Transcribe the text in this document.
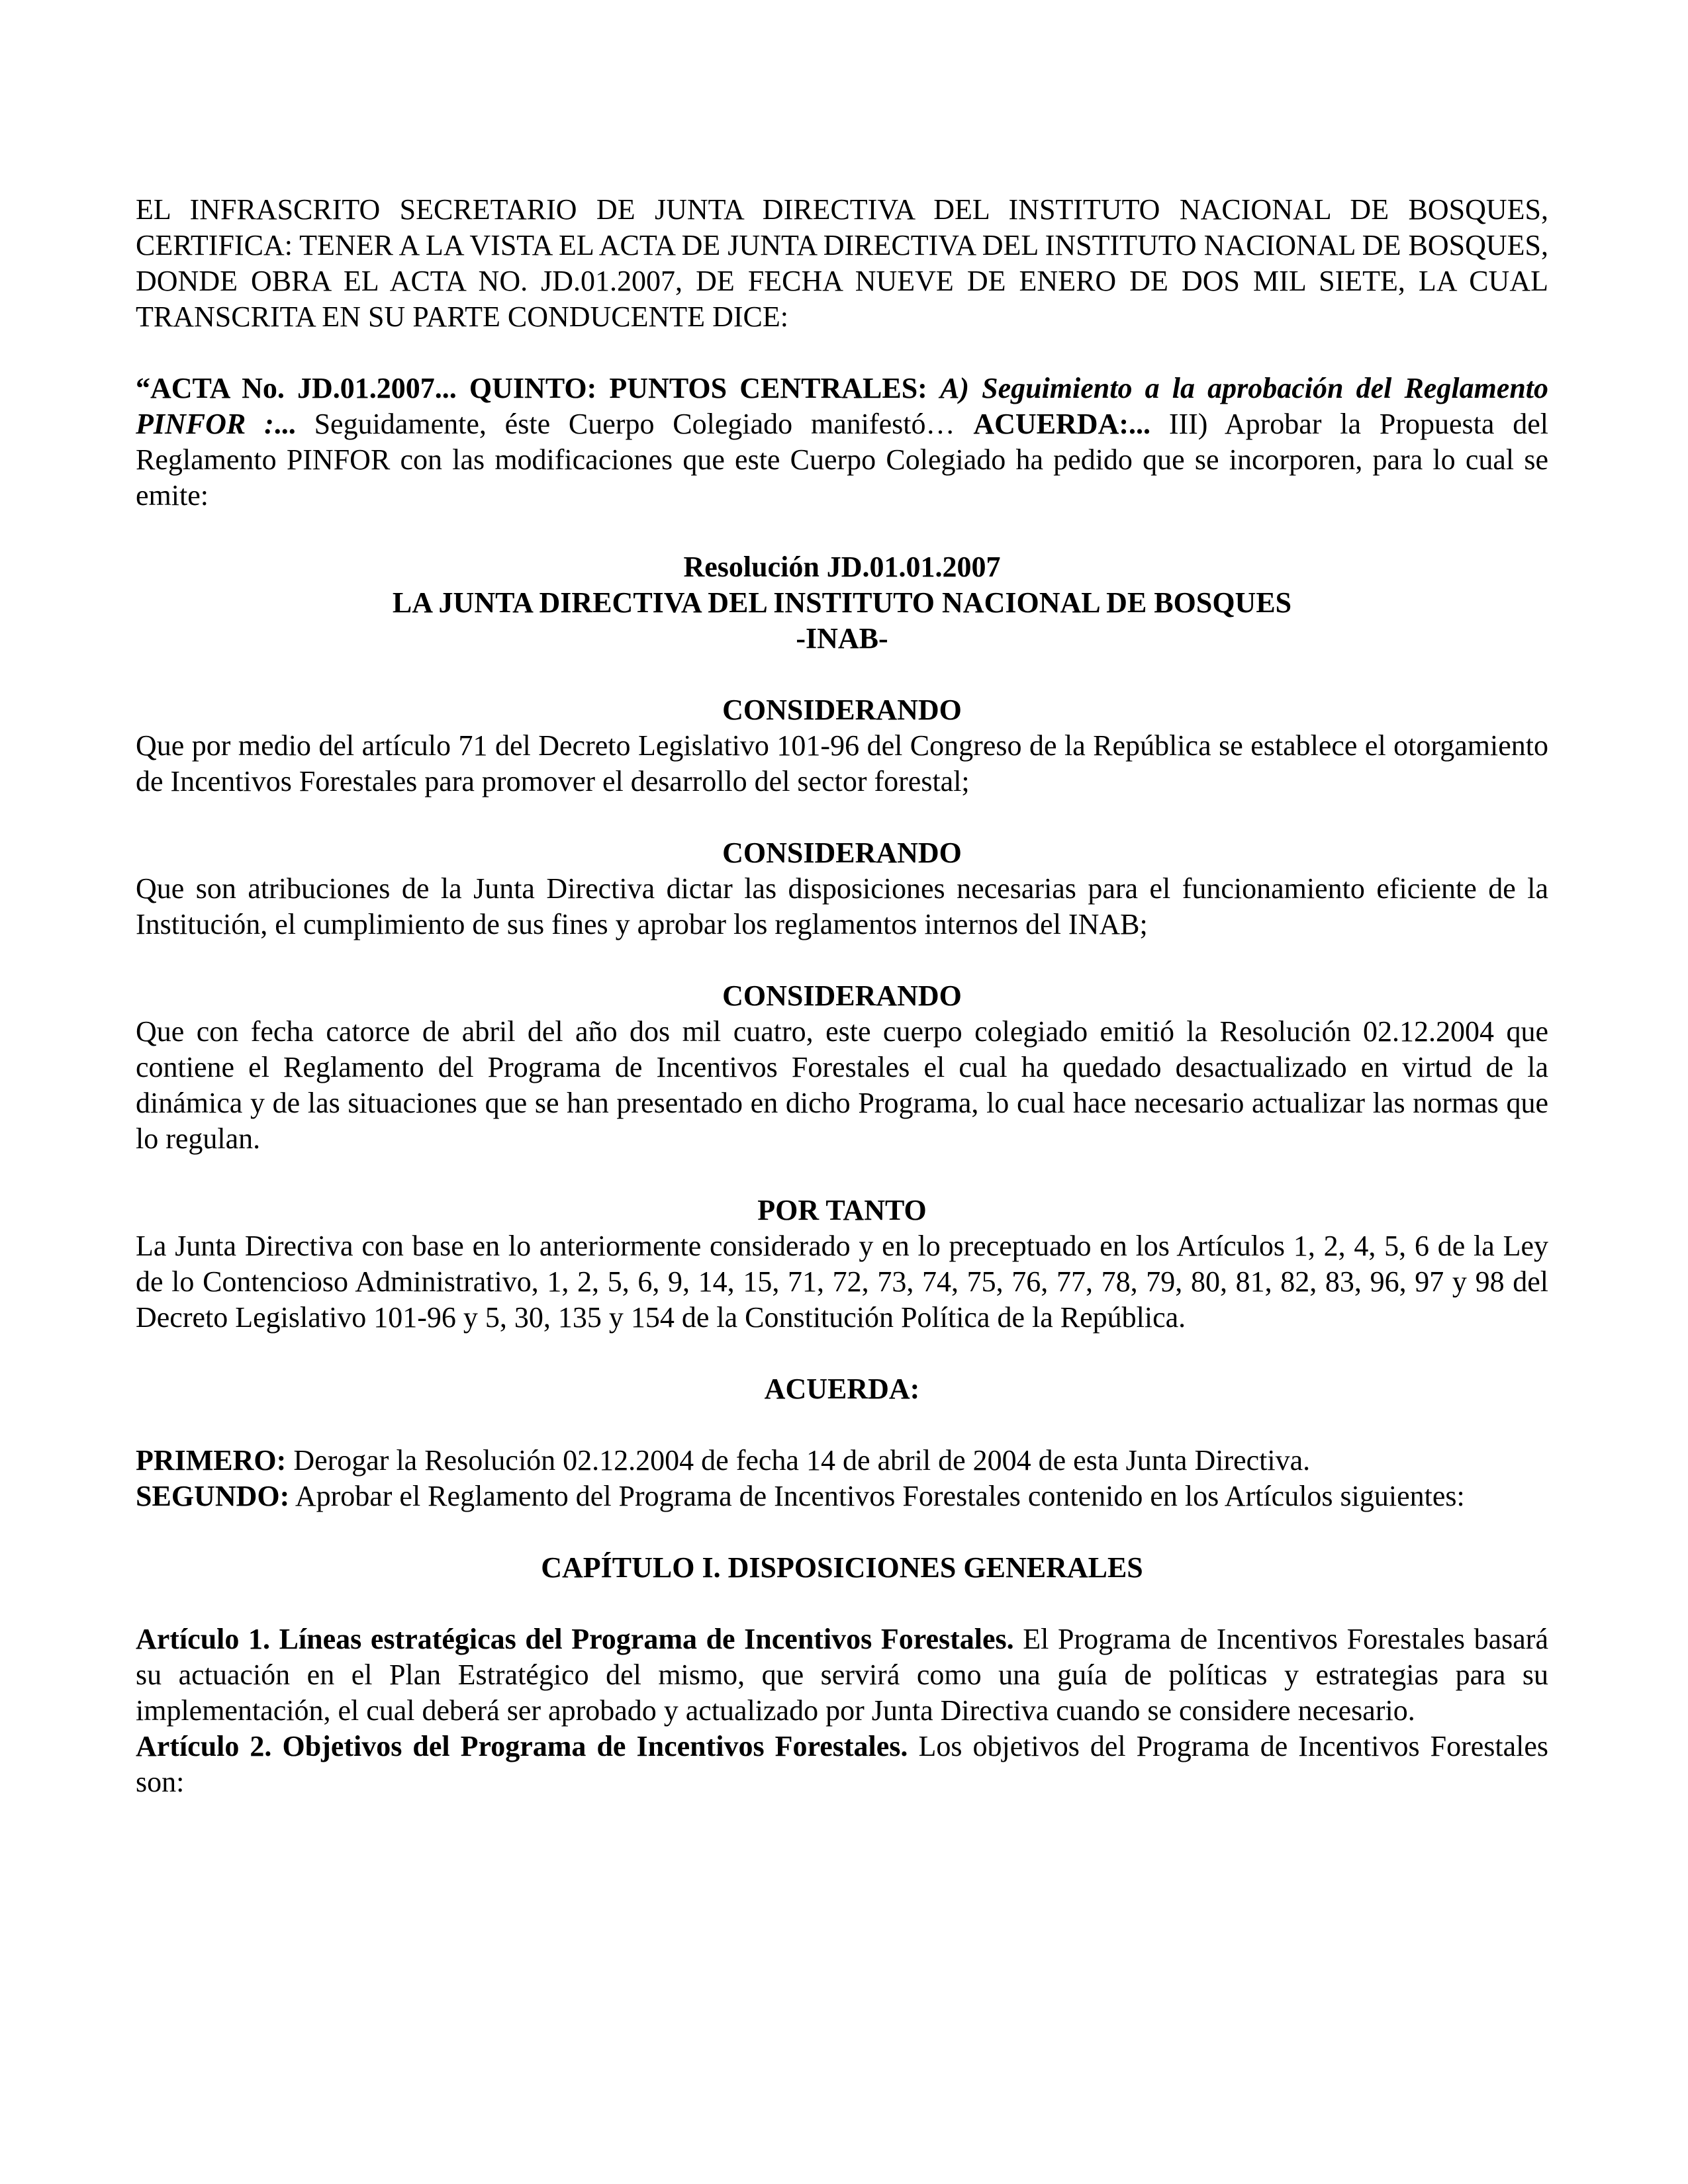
EL INFRASCRITO SECRETARIO DE JUNTA DIRECTIVA DEL INSTITUTO NACIONAL DE BOSQUES, CERTIFICA: TENER A LA VISTA EL ACTA DE JUNTA DIRECTIVA DEL INSTITUTO NACIONAL DE BOSQUES, DONDE OBRA EL ACTA NO. JD.01.2007, DE FECHA NUEVE DE ENERO DE DOS MIL SIETE, LA CUAL TRANSCRITA EN SU PARTE CONDUCENTE DICE:

“ACTA No. JD.01.2007... QUINTO: PUNTOS CENTRALES: A) Seguimiento a la aprobación del Reglamento PINFOR :... Seguidamente, éste Cuerpo Colegiado manifestó… ACUERDA:... III) Aprobar la Propuesta del Reglamento PINFOR con las modificaciones que este Cuerpo Colegiado ha pedido que se incorporen, para lo cual se emite:

Resolución JD.01.01.2007

LA JUNTA DIRECTIVA DEL INSTITUTO NACIONAL DE BOSQUES

-INAB-

CONSIDERANDO

Que por medio del artículo 71 del Decreto Legislativo 101-96 del Congreso de la República se establece el otorgamiento de Incentivos Forestales para promover el desarrollo del sector forestal;

CONSIDERANDO

Que son atribuciones de la Junta Directiva dictar las disposiciones necesarias para el funcionamiento eficiente de la Institución, el cumplimiento de sus fines y aprobar los reglamentos internos del INAB;

CONSIDERANDO

Que con fecha catorce de abril del año dos mil cuatro, este cuerpo colegiado emitió la Resolución 02.12.2004 que contiene el Reglamento del Programa de Incentivos Forestales el cual ha quedado desactualizado en virtud de la dinámica y de las situaciones que se han presentado en dicho Programa, lo cual hace necesario actualizar las normas que lo regulan.

POR TANTO

La Junta Directiva con base en lo anteriormente considerado y en lo preceptuado en los Artículos 1, 2, 4, 5, 6 de la Ley de lo Contencioso Administrativo, 1, 2, 5, 6, 9, 14, 15, 71, 72, 73, 74, 75, 76, 77, 78, 79, 80, 81, 82, 83, 96, 97 y 98 del Decreto Legislativo 101-96 y 5, 30, 135 y 154 de la Constitución Política de la República.

ACUERDA:

PRIMERO: Derogar la Resolución 02.12.2004 de fecha 14 de abril de 2004 de esta Junta Directiva.

SEGUNDO: Aprobar el Reglamento del Programa de Incentivos Forestales contenido en los Artículos siguientes:

CAPÍTULO I. DISPOSICIONES GENERALES

Artículo 1. Líneas estratégicas del Programa de Incentivos Forestales. El Programa de Incentivos Forestales basará su actuación en el Plan Estratégico del mismo, que servirá como una guía de políticas y estrategias para su implementación, el cual deberá ser aprobado y actualizado por Junta Directiva cuando se considere necesario.

Artículo 2. Objetivos del Programa de Incentivos Forestales. Los objetivos del Programa de Incentivos Forestales son:
